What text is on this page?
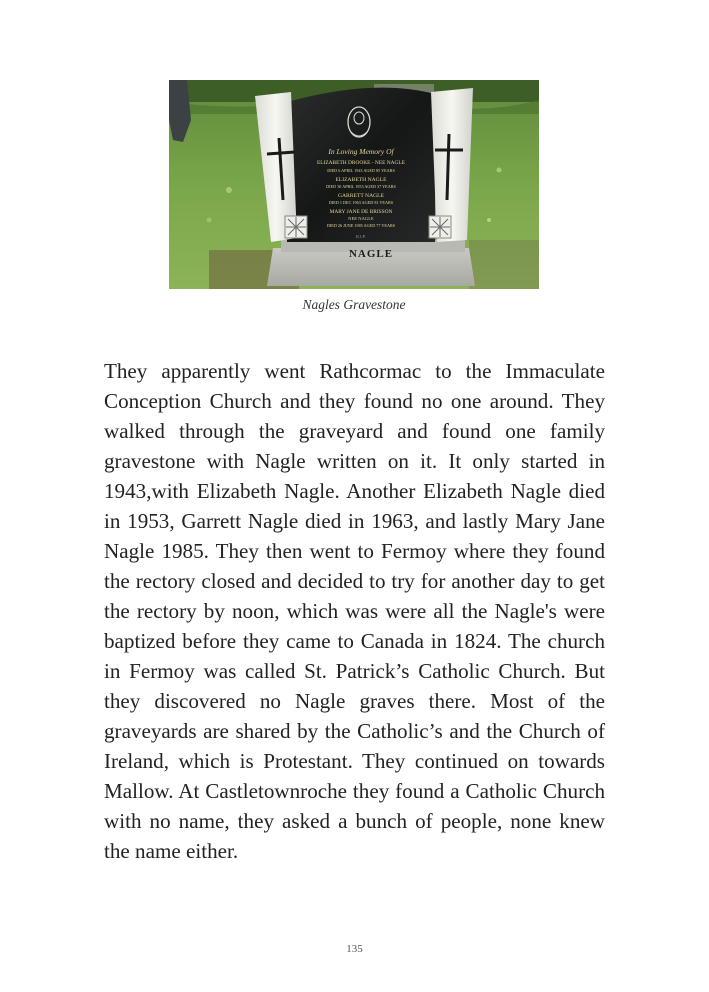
In Loving Memory Of
ELIZABETH DROOKE - NEE NAGLE
DIED 6 APRIL 1943 AGED 85 YEARS
ELIZABETH NAGLE
DIED 30 APRIL 1953 AGED 37 YEARS
GARRETT NAGLE
DIED 1 DEC 1963 AGED 81 YEARS
MARY JANE DE BRISSON
NEE NAGLE
DIED 26 JUNE 1985 AGED 77 YEARS
R.I.P.
NAGLE
Nagles Gravestone

They apparently went Rathcormac to the Immaculate Conception Church and they found no one around. They walked through the graveyard and found one family gravestone with Nagle written on it. It only started in 1943,with Elizabeth Nagle. Another Elizabeth Nagle died in 1953, Garrett Nagle died in 1963, and lastly Mary Jane Nagle 1985. They then went to Fermoy where they found the rectory closed and decided to try for another day to get the rectory by noon, which was were all the Nagle's were baptized before they came to Canada in 1824. The church in Fermoy was called St. Patrick’s Catholic Church. But they discovered no Nagle graves there. Most of the graveyards are shared by the Catholic’s and the Church of Ireland, which is Protestant. They continued on towards Mallow. At Castletownroche they found a Catholic Church with no name, they asked a bunch of people, none knew the name either.

135
